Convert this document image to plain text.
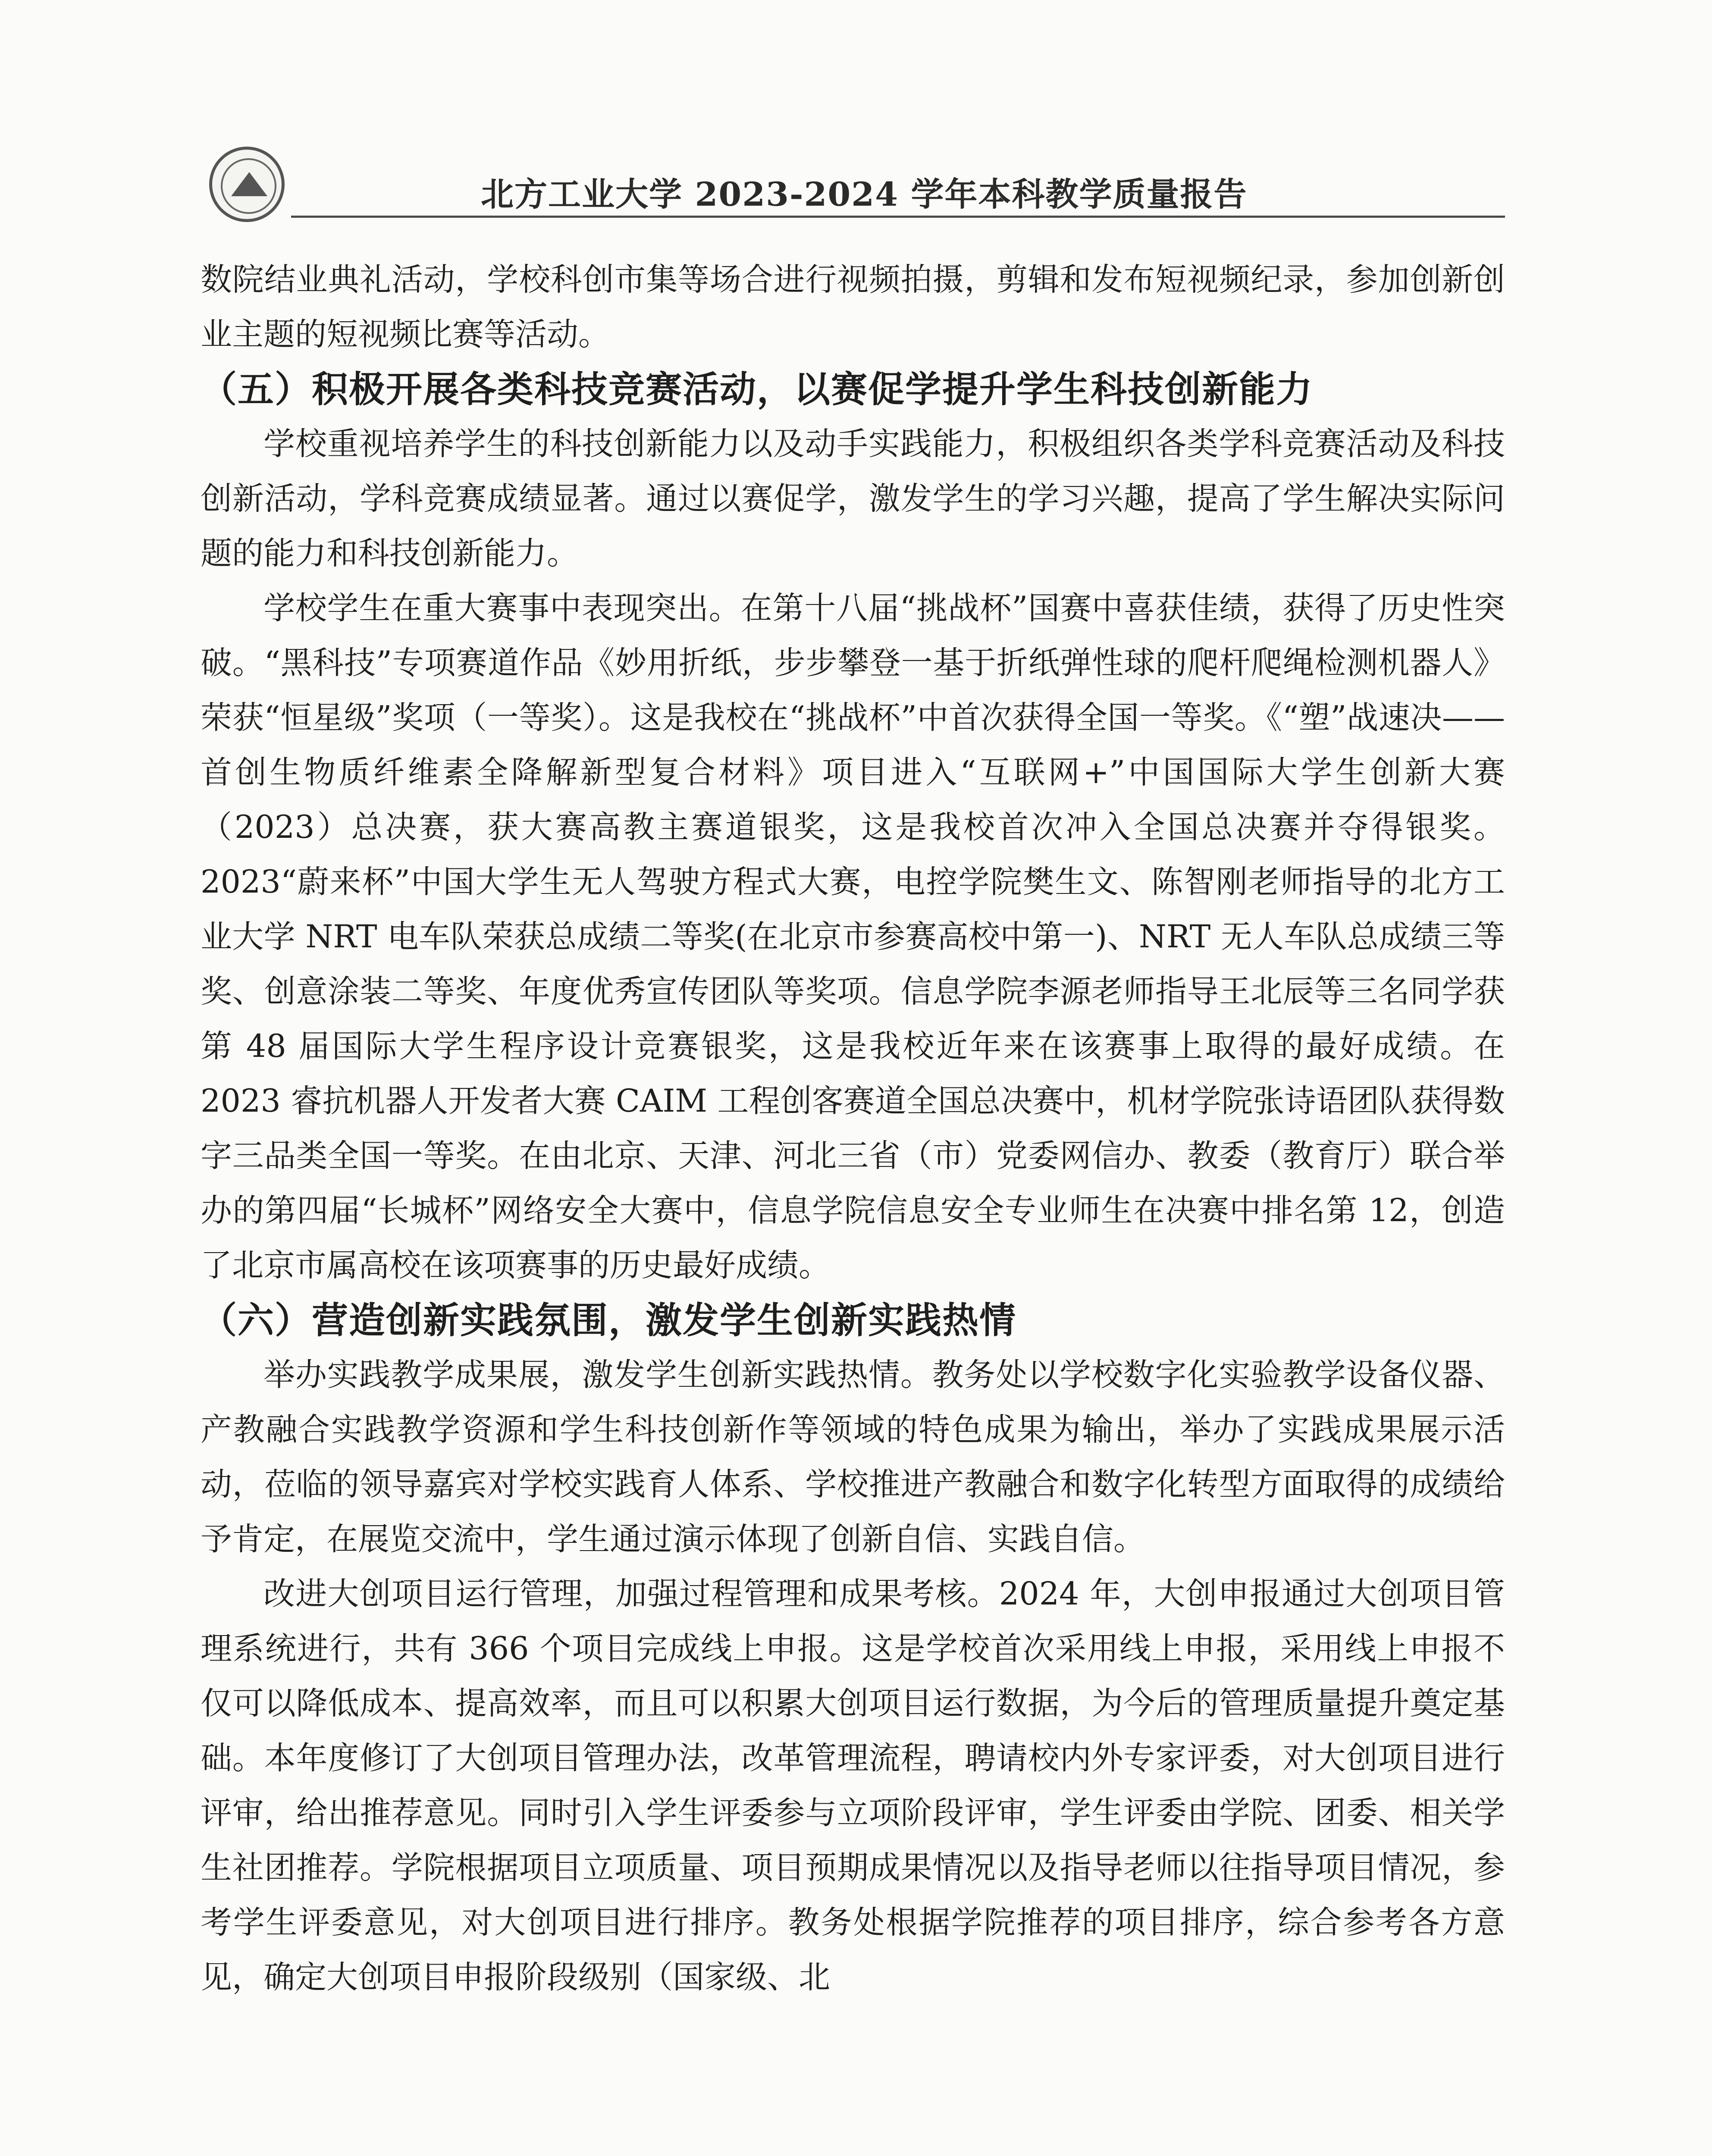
北方工业大学 2023-2024 学年本科教学质量报告

数院结业典礼活动，学校科创市集等场合进行视频拍摄，剪辑和发布短视频纪录，参加创新创业主题的短视频比赛等活动。

（五）积极开展各类科技竞赛活动，以赛促学提升学生科技创新能力

学校重视培养学生的科技创新能力以及动手实践能力，积极组织各类学科竞赛活动及科技创新活动，学科竞赛成绩显著。通过以赛促学，激发学生的学习兴趣，提高了学生解决实际问题的能力和科技创新能力。

学校学生在重大赛事中表现突出。在第十八届“挑战杯”国赛中喜获佳绩，获得了历史性突破。“黑科技”专项赛道作品《妙用折纸，步步攀登一基于折纸弹性球的爬杆爬绳检测机器人》荣获“恒星级”奖项（一等奖）。这是我校在“挑战杯”中首次获得全国一等奖。《“塑”战速决——首创生物质纤维素全降解新型复合材料》项目进入“互联网+”中国国际大学生创新大赛（2023）总决赛，获大赛高教主赛道银奖，这是我校首次冲入全国总决赛并夺得银奖。2023“蔚来杯”中国大学生无人驾驶方程式大赛，电控学院樊生文、陈智刚老师指导的北方工业大学 NRT 电车队荣获总成绩二等奖(在北京市参赛高校中第一)、NRT 无人车队总成绩三等奖、创意涂装二等奖、年度优秀宣传团队等奖项。信息学院李源老师指导王北辰等三名同学获第 48 届国际大学生程序设计竞赛银奖，这是我校近年来在该赛事上取得的最好成绩。在 2023 睿抗机器人开发者大赛 CAIM 工程创客赛道全国总决赛中，机材学院张诗语团队获得数字三品类全国一等奖。在由北京、天津、河北三省（市）党委网信办、教委（教育厅）联合举办的第四届“长城杯”网络安全大赛中，信息学院信息安全专业师生在决赛中排名第 12，创造了北京市属高校在该项赛事的历史最好成绩。

（六）营造创新实践氛围，激发学生创新实践热情

举办实践教学成果展，激发学生创新实践热情。教务处以学校数字化实验教学设备仪器、产教融合实践教学资源和学生科技创新作等领域的特色成果为输出，举办了实践成果展示活动，莅临的领导嘉宾对学校实践育人体系、学校推进产教融合和数字化转型方面取得的成绩给予肯定，在展览交流中，学生通过演示体现了创新自信、实践自信。

改进大创项目运行管理，加强过程管理和成果考核。2024 年，大创申报通过大创项目管理系统进行，共有 366 个项目完成线上申报。这是学校首次采用线上申报，采用线上申报不仅可以降低成本、提高效率，而且可以积累大创项目运行数据，为今后的管理质量提升奠定基础。本年度修订了大创项目管理办法，改革管理流程，聘请校内外专家评委，对大创项目进行评审，给出推荐意见。同时引入学生评委参与立项阶段评审，学生评委由学院、团委、相关学生社团推荐。学院根据项目立项质量、项目预期成果情况以及指导老师以往指导项目情况，参考学生评委意见，对大创项目进行排序。教务处根据学院推荐的项目排序，综合参考各方意见，确定大创项目申报阶段级别（国家级、北
